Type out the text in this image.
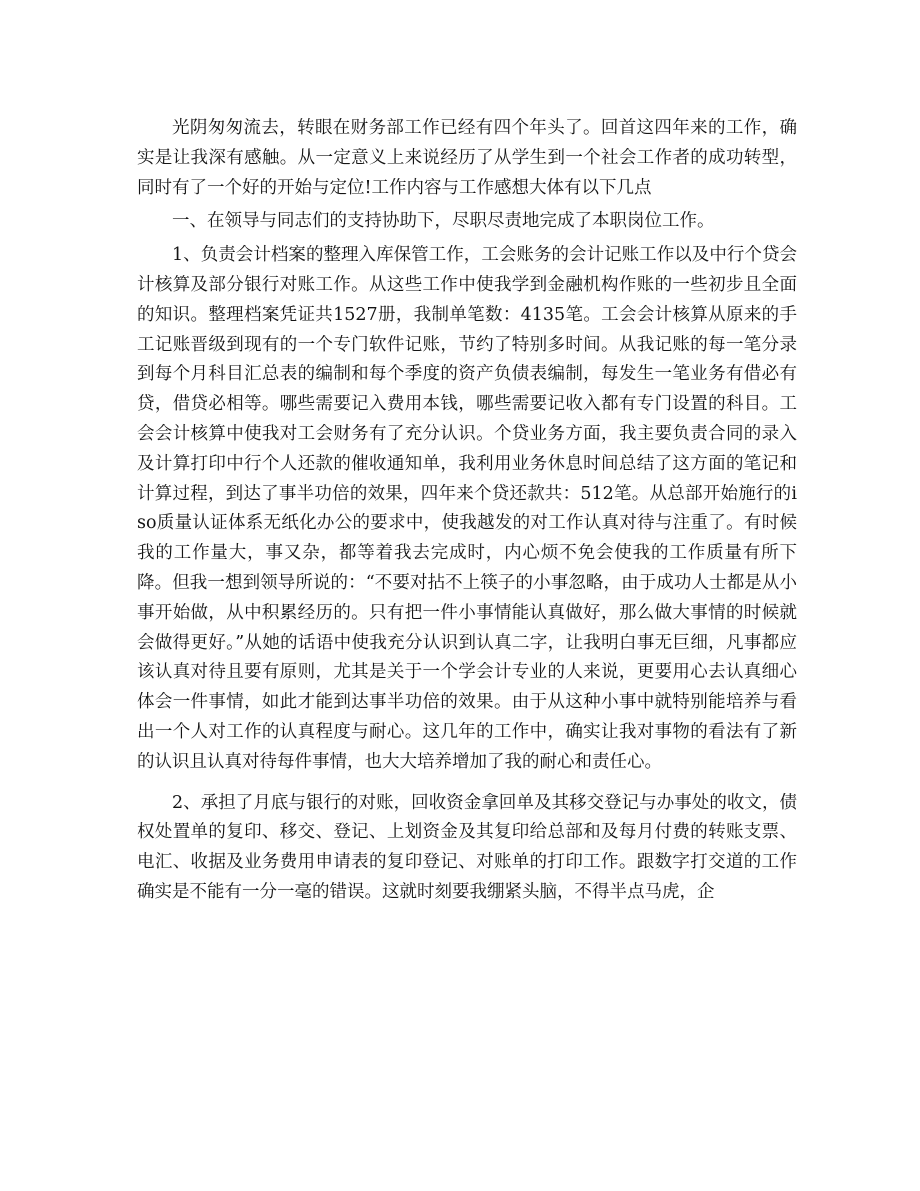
光阴匆匆流去，转眼在财务部工作已经有四个年头了。回首这四年来的工作，确实是让我深有感触。从一定意义上来说经历了从学生到一个社会工作者的成功转型，同时有了一个好的开始与定位!工作内容与工作感想大体有以下几点

一、在领导与同志们的支持协助下，尽职尽责地完成了本职岗位工作。

1、负责会计档案的整理入库保管工作，工会账务的会计记账工作以及中行个贷会计核算及部分银行对账工作。从这些工作中使我学到金融机构作账的一些初步且全面的知识。整理档案凭证共1527册，我制单笔数：4135笔。工会会计核算从原来的手工记账晋级到现有的一个专门软件记账，节约了特别多时间。从我记账的每一笔分录到每个月科目汇总表的编制和每个季度的资产负债表编制，每发生一笔业务有借必有贷，借贷必相等。哪些需要记入费用本钱，哪些需要记收入都有专门设置的科目。工会会计核算中使我对工会财务有了充分认识。个贷业务方面，我主要负责合同的录入及计算打印中行个人还款的催收通知单，我利用业务休息时间总结了这方面的笔记和计算过程，到达了事半功倍的效果，四年来个贷还款共：512笔。从总部开始施行的iso质量认证体系无纸化办公的要求中，使我越发的对工作认真对待与注重了。有时候我的工作量大，事又杂，都等着我去完成时，内心烦不免会使我的工作质量有所下降。但我一想到领导所说的：“不要对拈不上筷子的小事忽略，由于成功人士都是从小事开始做，从中积累经历的。只有把一件小事情能认真做好，那么做大事情的时候就会做得更好。”从她的话语中使我充分认识到认真二字，让我明白事无巨细，凡事都应该认真对待且要有原则，尤其是关于一个学会计专业的人来说，更要用心去认真细心体会一件事情，如此才能到达事半功倍的效果。由于从这种小事中就特别能培养与看出一个人对工作的认真程度与耐心。这几年的工作中，确实让我对事物的看法有了新的认识且认真对待每件事情，也大大培养增加了我的耐心和责任心。

2、承担了月底与银行的对账，回收资金拿回单及其移交登记与办事处的收文，债权处置单的复印、移交、登记、上划资金及其复印给总部和及每月付费的转账支票、电汇、收据及业务费用申请表的复印登记、对账单的打印工作。跟数字打交道的工作确实是不能有一分一毫的错误。这就时刻要我绷紧头脑，不得半点马虎，企
